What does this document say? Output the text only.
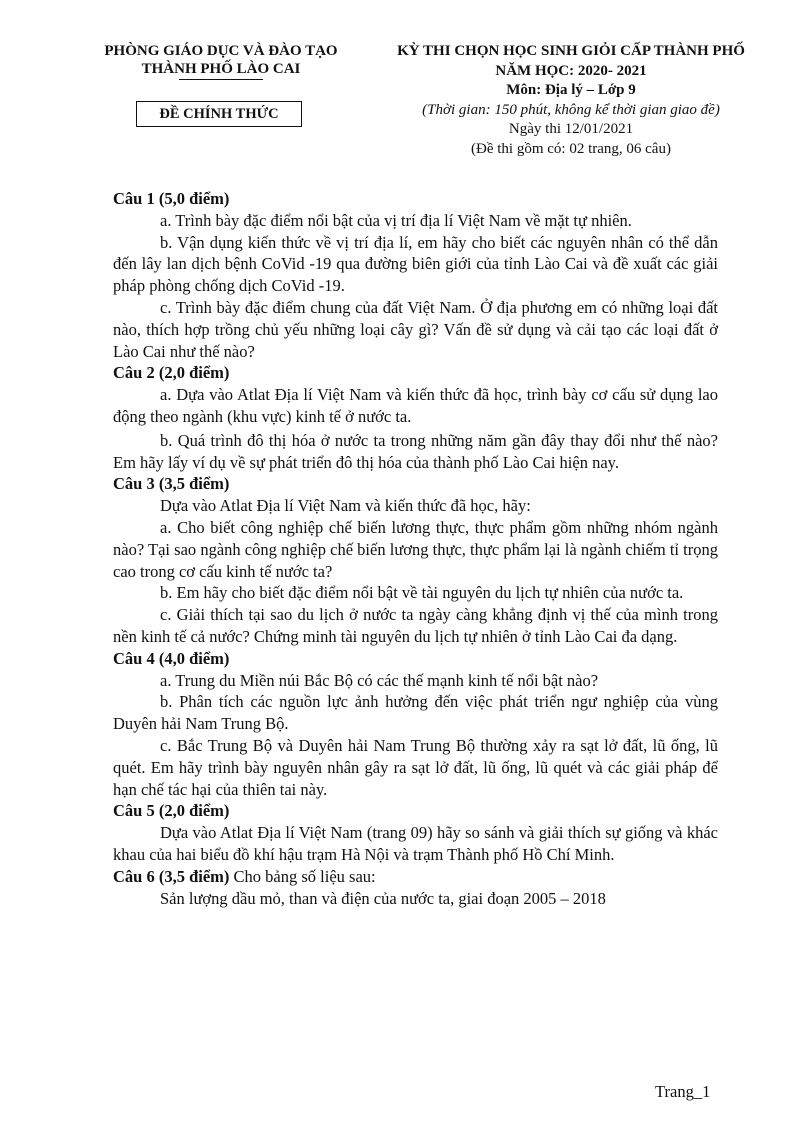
PHÒNG GIÁO DỤC VÀ ĐÀO TẠO
THÀNH PHỐ LÀO CAI
ĐỀ CHÍNH THỨC
KỲ THI CHỌN HỌC SINH GIỎI CẤP THÀNH PHỐ
NĂM HỌC: 2020- 2021
Môn: Địa lý – Lớp 9
(Thời gian: 150 phút, không kể thời gian giao đề)
Ngày thi 12/01/2021
(Đề thi gồm có: 02 trang, 06 câu)

Câu 1 (5,0 điểm)

a. Trình bày đặc điểm nổi bật của vị trí địa lí Việt Nam về mặt tự nhiên.

b. Vận dụng kiến thức về vị trí địa lí, em hãy cho biết các nguyên nhân có thể dẫn đến lây lan dịch bệnh CoVid -19 qua đường biên giới của tỉnh Lào Cai và đề xuất các giải pháp phòng chống dịch CoVid -19.

c. Trình bày đặc điểm chung của đất Việt Nam. Ở địa phương em có những loại đất nào, thích hợp trồng chủ yếu những loại cây gì? Vấn đề sử dụng và cải tạo các loại đất ở Lào Cai như thế nào?

Câu 2 (2,0 điểm)

a. Dựa vào Atlat Địa lí Việt Nam và kiến thức đã học, trình bày cơ cấu sử dụng lao động theo ngành (khu vực) kinh tế ở nước ta.

b. Quá trình đô thị hóa ở nước ta trong những năm gần đây thay đổi như thế nào? Em hãy lấy ví dụ về sự phát triển đô thị hóa của thành phố Lào Cai hiện nay.

Câu 3 (3,5 điểm)

Dựa vào Atlat Địa lí Việt Nam và kiến thức đã học, hãy:

a. Cho biết công nghiệp chế biến lương thực, thực phẩm gồm những nhóm ngành nào? Tại sao ngành công nghiệp chế biến lương thực, thực phẩm lại là ngành chiếm tỉ trọng cao trong cơ cấu kinh tế nước ta?

b. Em hãy cho biết đặc điểm nổi bật về tài nguyên du lịch tự nhiên của nước ta.

c. Giải thích tại sao du lịch ở nước ta ngày càng khẳng định vị thế của mình trong nền kinh tế cả nước? Chứng minh tài nguyên du lịch tự nhiên ở tỉnh Lào Cai đa dạng.

Câu 4 (4,0 điểm)

a. Trung du Miền núi Bắc Bộ có các thế mạnh kinh tế nổi bật nào?

b. Phân tích các nguồn lực ảnh hưởng đến việc phát triển ngư nghiệp của vùng Duyên hải Nam Trung Bộ.

c. Bắc Trung Bộ và Duyên hải Nam Trung Bộ thường xảy ra sạt lở đất, lũ ống, lũ quét. Em hãy trình bày nguyên nhân gây ra sạt lở đất, lũ ống, lũ quét và các giải pháp để hạn chế tác hại của thiên tai này.

Câu 5 (2,0 điểm)

Dựa vào Atlat Địa lí Việt Nam (trang 09) hãy so sánh và giải thích sự giống và khác khau của hai biểu đồ khí hậu trạm Hà Nội và trạm Thành phố Hồ Chí Minh.

Câu 6 (3,5 điểm) Cho bảng số liệu sau:

Sản lượng dầu mỏ, than và điện của nước ta, giai đoạn 2005 – 2018

Trang_1
